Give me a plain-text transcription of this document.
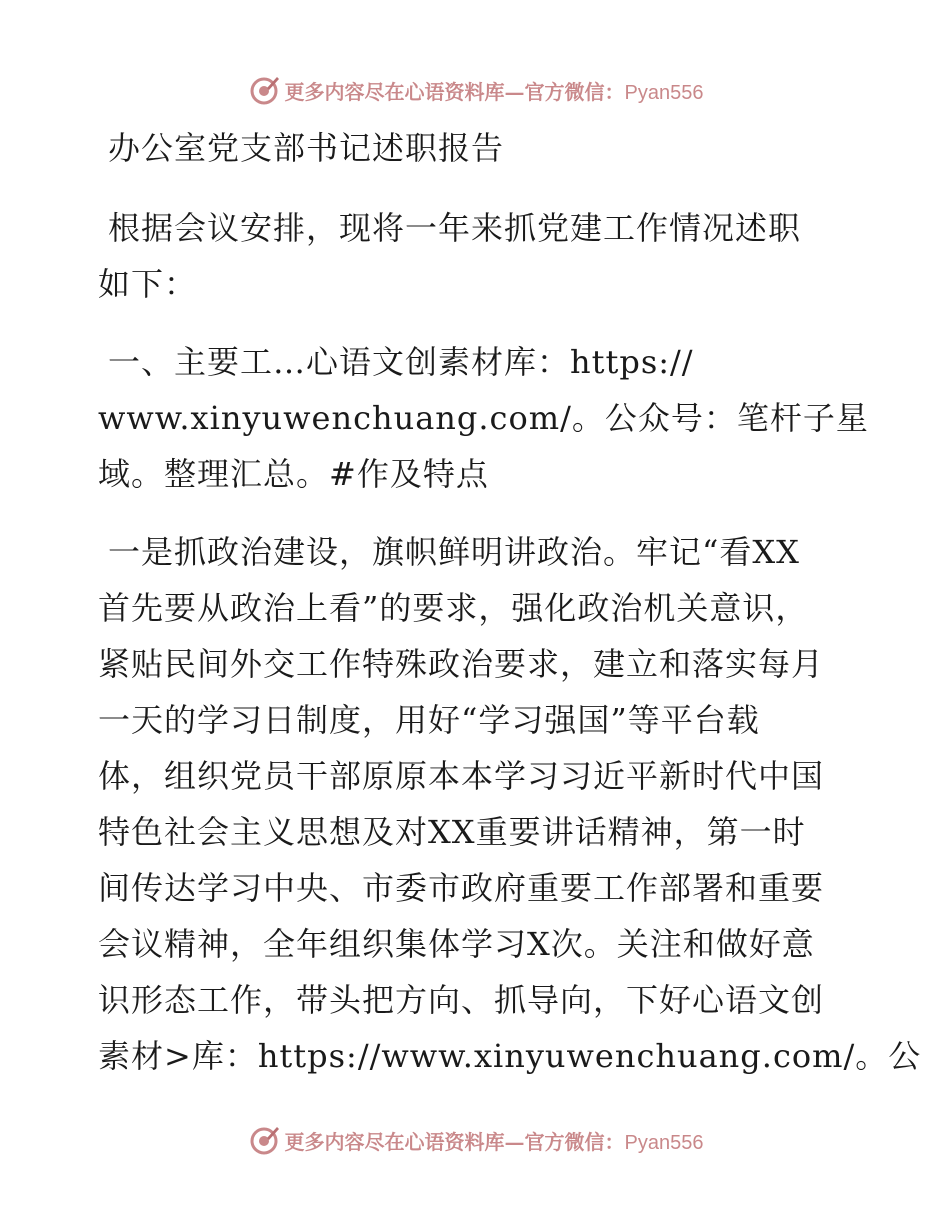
更多内容尽在心语资料库—官方微信：Pyan556

办公室党支部书记述职报告

根据会议安排，现将一年来抓党建工作情况述职
如下：

一、主要工…心语文创素材库：https://
www.xinyuwenchuang.com/。公众号：笔杆子星
域。整理汇总。#作及特点

一是抓政治建设，旗帜鲜明讲政治。牢记“看XX
首先要从政治上看”的要求，强化政治机关意识，
紧贴民间外交工作特殊政治要求，建立和落实每月
一天的学习日制度，用好“学习强国”等平台载
体，组织党员干部原原本本学习习近平新时代中国
特色社会主义思想及对XX重要讲话精神，第一时
间传达学习中央、市委市政府重要工作部署和重要
会议精神，全年组织集体学习X次。关注和做好意
识形态工作，带头把方向、抓导向，下好心语文创
素材>库：https://www.xinyuwenchuang.com/。公

更多内容尽在心语资料库—官方微信：Pyan556
